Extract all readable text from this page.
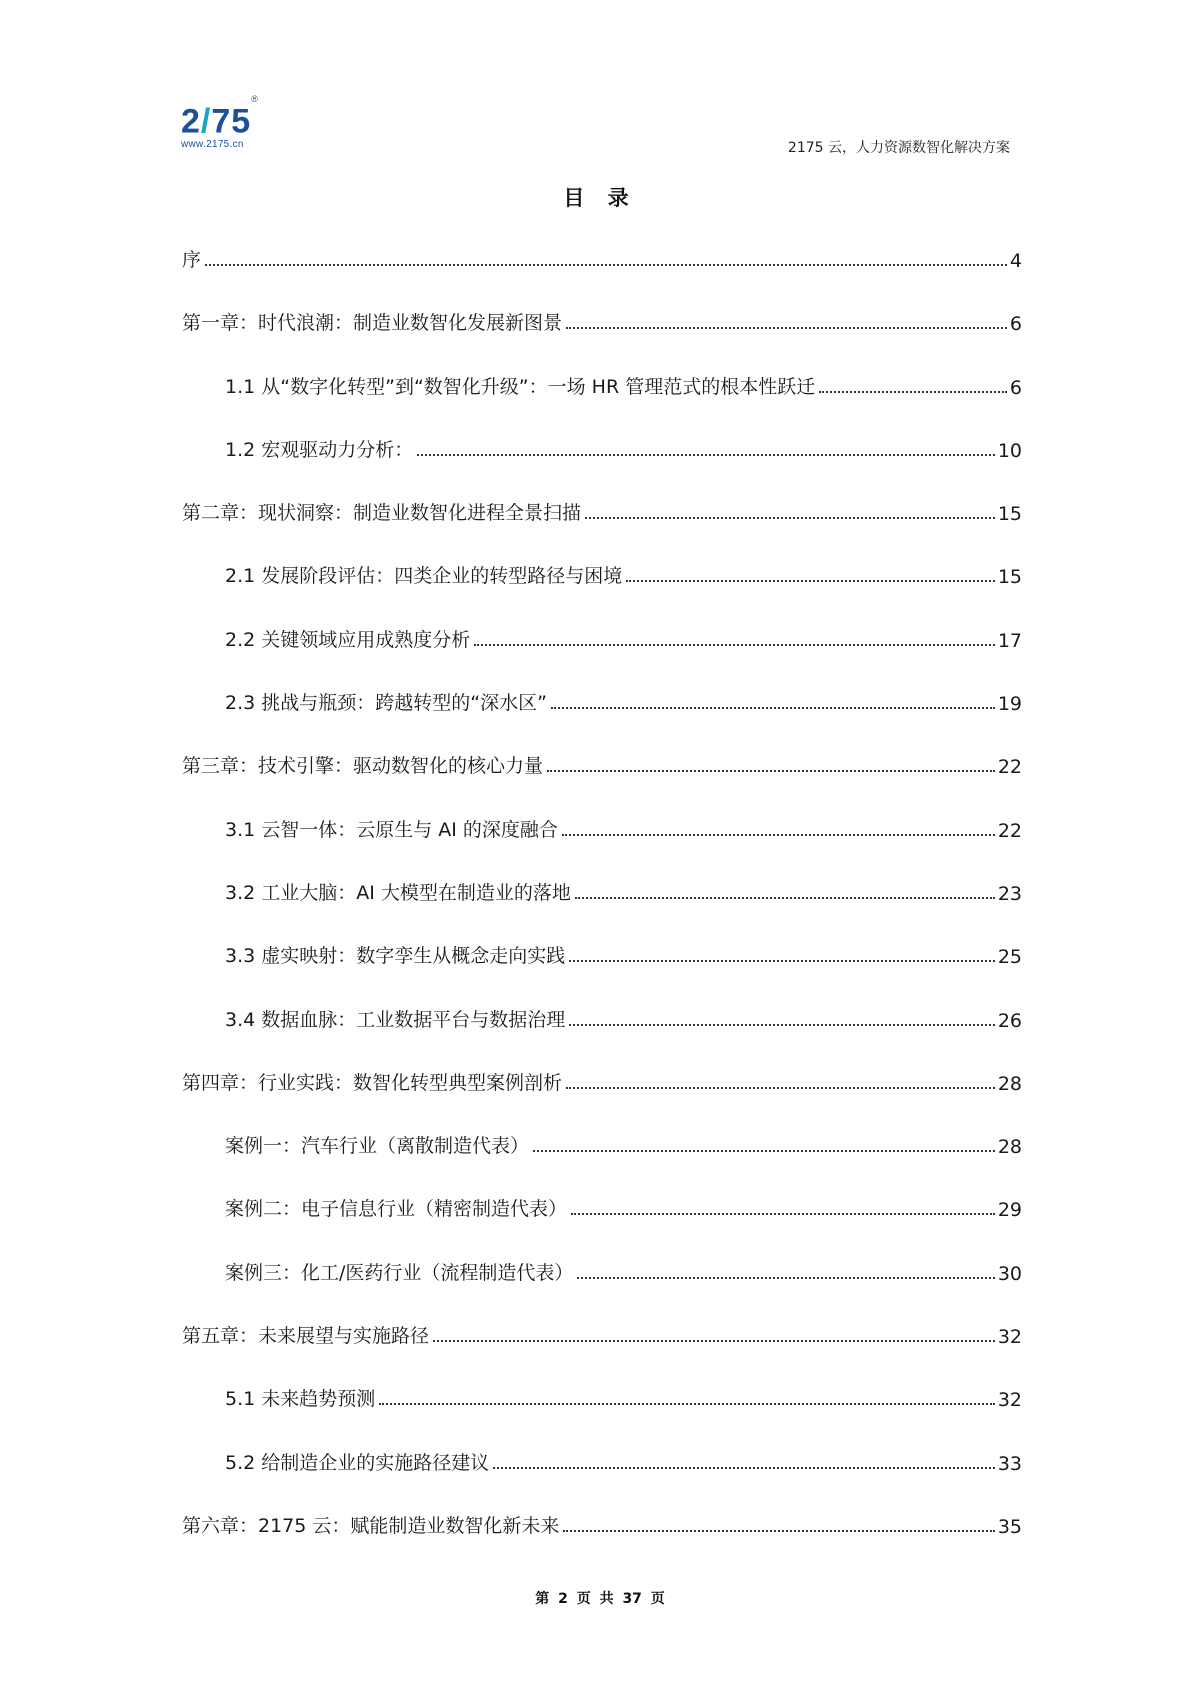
2/75®
www.2175.cn	2175 云，人力资源数智化解决方案
目 录
序	4
第一章：时代浪潮：制造业数智化发展新图景	6
1.1 从“数字化转型”到“数智化升级”：一场 HR 管理范式的根本性跃迁	6
1.2 宏观驱动力分析：	10
第二章：现状洞察：制造业数智化进程全景扫描	15
2.1 发展阶段评估：四类企业的转型路径与困境	15
2.2 关键领域应用成熟度分析	17
2.3 挑战与瓶颈：跨越转型的“深水区”	19
第三章：技术引擎：驱动数智化的核心力量	22
3.1 云智一体：云原生与 AI 的深度融合	22
3.2 工业大脑：AI 大模型在制造业的落地	23
3.3 虚实映射：数字孪生从概念走向实践	25
3.4 数据血脉：工业数据平台与数据治理	26
第四章：行业实践：数智化转型典型案例剖析	28
案例一：汽车行业（离散制造代表）	28
案例二：电子信息行业（精密制造代表）	29
案例三：化工/医药行业（流程制造代表）	30
第五章：未来展望与实施路径	32
5.1 未来趋势预测	32
5.2 给制造企业的实施路径建议	33
第六章：2175 云：赋能制造业数智化新未来	35
第 2 页 共 37 页
